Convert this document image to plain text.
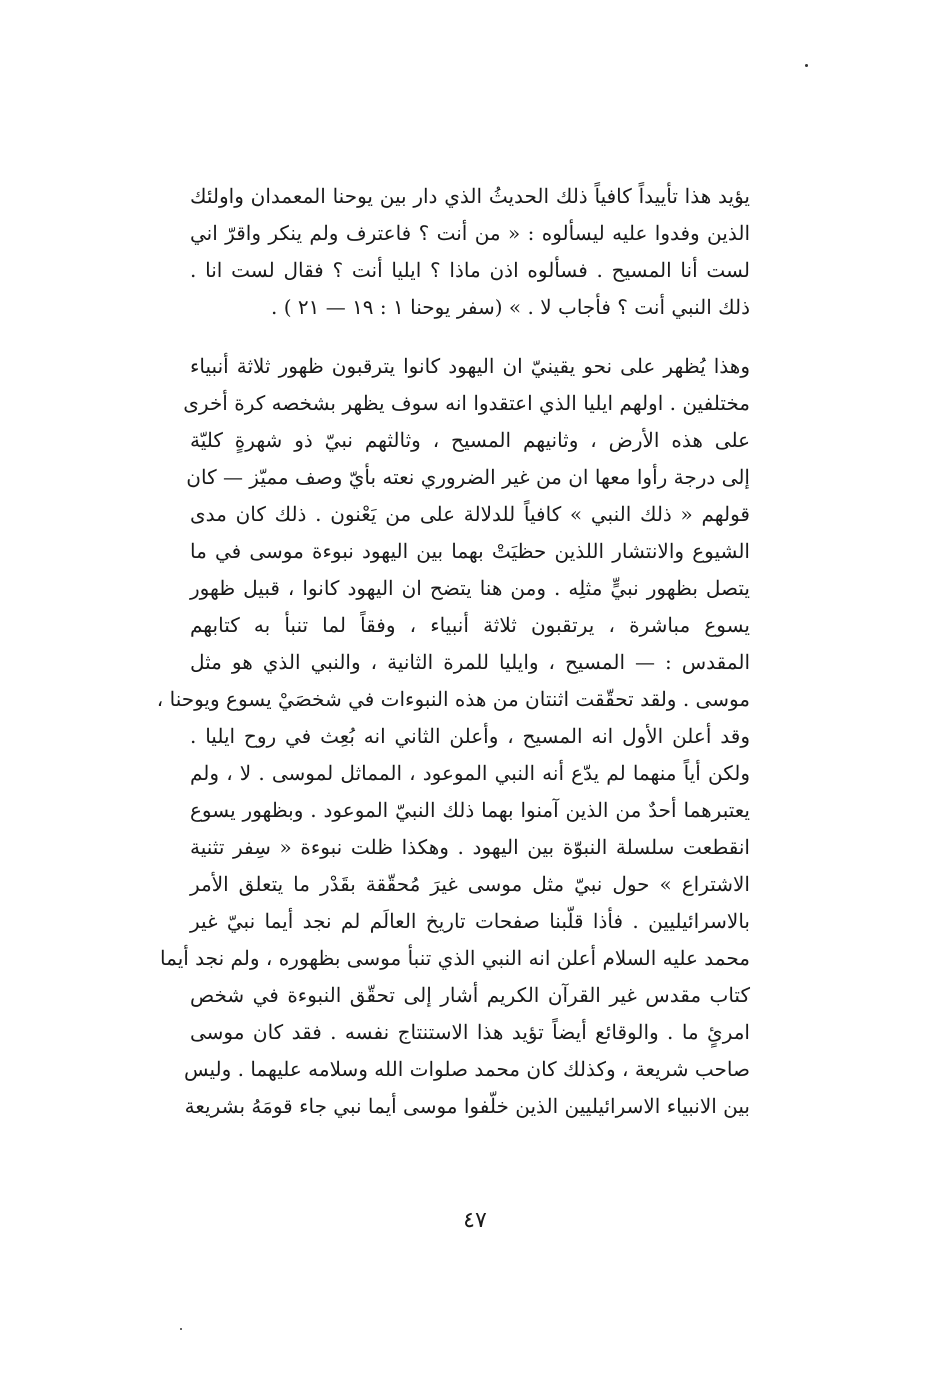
يؤيد هذا تأييداً كافياً ذلك الحديثُ الذي دار بين يوحنا المعمدان واولئك
الذين وفدوا عليه ليسألوه : « من أنت ؟ فاعترف ولم ينكر واقرّ اني
لست أنا المسيح . فسألوه اذن ماذا ؟ ايليا أنت ؟ فقال لست انا .
ذلك النبي أنت ؟ فأجاب لا . » (سفر يوحنا ١ : ١٩ — ٢١ ) .
وهذا يُظهر على نحو يقينيّ ان اليهود كانوا يترقبون ظهور ثلاثة أنبياء
مختلفين . اولهم ايليا الذي اعتقدوا انه سوف يظهر بشخصه كرة أخرى
على هذه الأرض ، وثانيهم المسيح ، وثالثهم نبيّ ذو شهرةٍ كليّة
إلى درجة رأوا معها ان من غير الضروري نعته بأيّ وصف مميّز — كان
قولهم « ذلك النبي » كافياً للدلالة على من يَعْنون . ذلك كان مدى
الشيوع والانتشار اللذين حظيَتْ بهما بين اليهود نبوءة موسى في ما
يتصل بظهور نبيٍّ مثلِه . ومن هنا يتضح ان اليهود كانوا ، قبيل ظهور
يسوع مباشرة ، يرتقبون ثلاثة أنبياء ، وفقاً لما تنبأ به كتابهم
المقدس : — المسيح ، وايليا للمرة الثانية ، والنبي الذي هو مثل
موسى . ولقد تحقّقت اثنتان من هذه النبوءات في شخصَيْ يسوع ويوحنا ،
وقد أعلن الأول انه المسيح ، وأعلن الثاني انه بُعِث في روح ايليا .
ولكن أياً منهما لم يدّع أنه النبي الموعود ، المماثل لموسى . لا ، ولم
يعتبرهما أحدٌ من الذين آمنوا بهما ذلك النبيّ الموعود . وبظهور يسوع
انقطعت سلسلة النبوّة بين اليهود . وهكذا ظلت نبوءة « سِفر تثنية
الاشتراع » حول نبيّ مثل موسى غيرَ مُحقّقة بقَدْر ما يتعلق الأمر
بالاسرائيليين . فأذا قلّبنا صفحات تاريخ العالَم لم نجد أيما نبيّ غير
محمد عليه السلام أعلن انه النبي الذي تنبأ موسى بظهوره ، ولم نجد أيما
كتاب مقدس غير القرآن الكريم أشار إلى تحقّق النبوءة في شخص
امرئٍ ما . والوقائع أيضاً تؤيد هذا الاستنتاج نفسه . فقد كان موسى
صاحب شريعة ، وكذلك كان محمد صلوات الله وسلامه عليهما . وليس
بين الانبياء الاسرائيليين الذين خلّفوا موسى أيما نبي جاء قومَهُ بشريعة
٤٧
